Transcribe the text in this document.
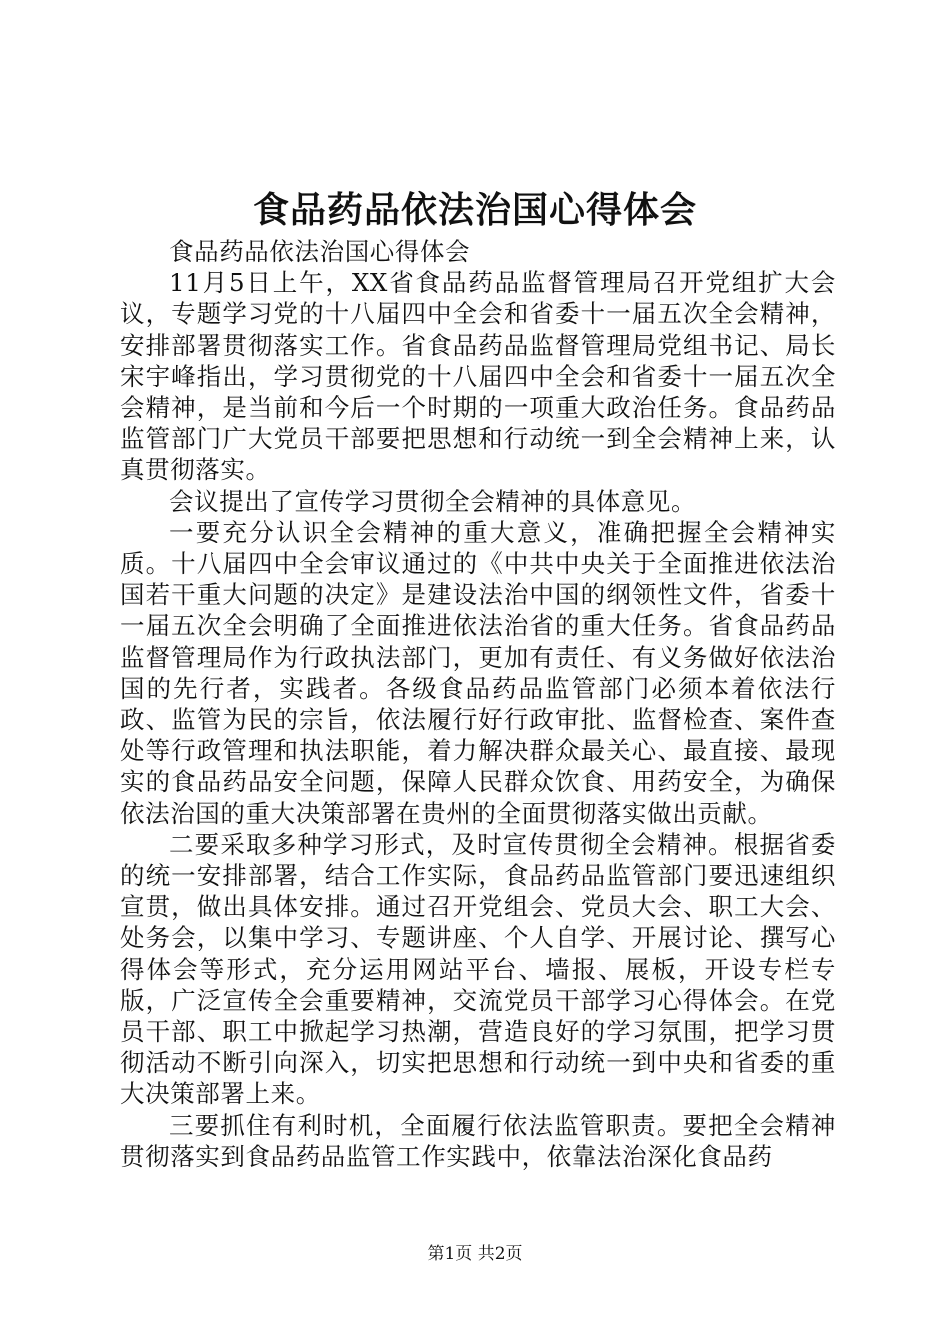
食品药品依法治国心得体会

食品药品依法治国心得体会

11月5日上午，XX省食品药品监督管理局召开党组扩大会议，专题学习党的十八届四中全会和省委十一届五次全会精神，安排部署贯彻落实工作。省食品药品监督管理局党组书记、局长宋宇峰指出，学习贯彻党的十八届四中全会和省委十一届五次全会精神，是当前和今后一个时期的一项重大政治任务。食品药品监管部门广大党员干部要把思想和行动统一到全会精神上来，认真贯彻落实。

会议提出了宣传学习贯彻全会精神的具体意见。

一要充分认识全会精神的重大意义，准确把握全会精神实质。十八届四中全会审议通过的《中共中央关于全面推进依法治国若干重大问题的决定》是建设法治中国的纲领性文件，省委十一届五次全会明确了全面推进依法治省的重大任务。省食品药品监督管理局作为行政执法部门，更加有责任、有义务做好依法治国的先行者，实践者。各级食品药品监管部门必须本着依法行政、监管为民的宗旨，依法履行好行政审批、监督检查、案件查处等行政管理和执法职能，着力解决群众最关心、最直接、最现实的食品药品安全问题，保障人民群众饮食、用药安全，为确保依法治国的重大决策部署在贵州的全面贯彻落实做出贡献。

二要采取多种学习形式，及时宣传贯彻全会精神。根据省委的统一安排部署，结合工作实际，食品药品监管部门要迅速组织宣贯，做出具体安排。通过召开党组会、党员大会、职工大会、处务会，以集中学习、专题讲座、个人自学、开展讨论、撰写心得体会等形式，充分运用网站平台、墙报、展板，开设专栏专版，广泛宣传全会重要精神，交流党员干部学习心得体会。在党员干部、职工中掀起学习热潮，营造良好的学习氛围，把学习贯彻活动不断引向深入，切实把思想和行动统一到中央和省委的重大决策部署上来。

三要抓住有利时机，全面履行依法监管职责。要把全会精神贯彻落实到食品药品监管工作实践中，依靠法治深化食品药

第1页 共2页
